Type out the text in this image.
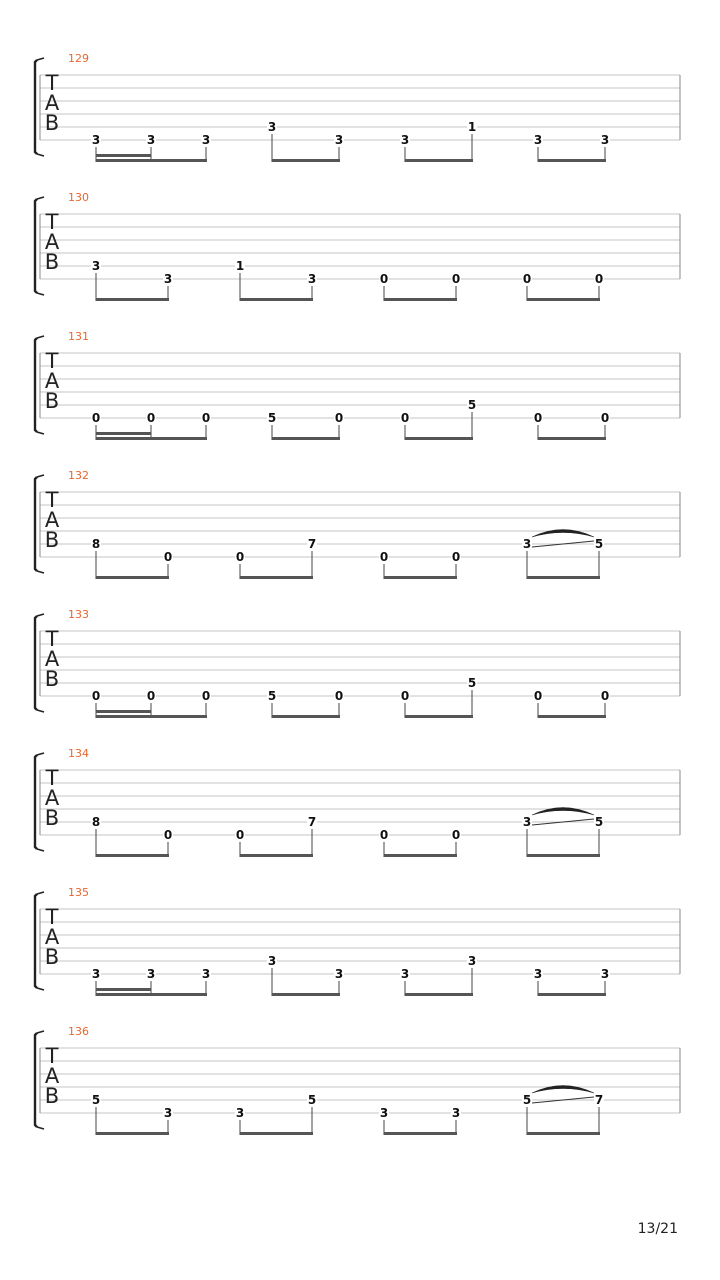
129
T
A
B
3	3	3
3
3	3
1
3	3
130
T
A
B	3
3
1
3	0	0	0	0
131
T
A
B
0	0	0	5	0	0
5
0	0
132
T
A
B	8
0	0
7
0	0
3	5
133
T
A
B
0	0	0	5	0	0
5
0	0
134
T
A
B	8
0	0
7
0	0
3	5
135
T
A
B
3	3	3
3
3	3
3
3	3
136
T
A
B	5
3	3
5
3	3
5	7
13/21
